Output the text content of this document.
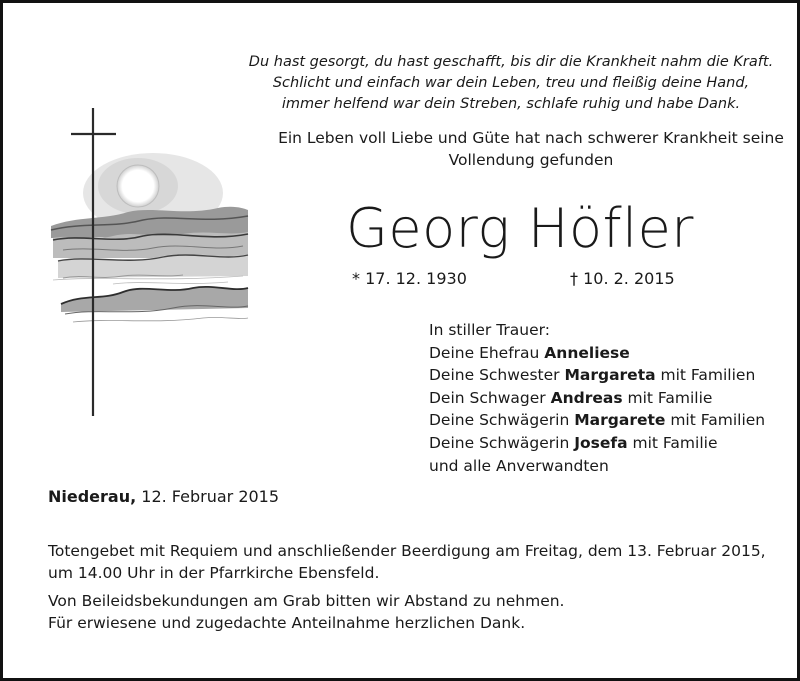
Du hast gesorgt, du hast geschafft, bis dir die Krankheit nahm die Kraft.
Schlicht und einfach war dein Leben, treu und fleißig deine Hand,
immer helfend war dein Streben, schlafe ruhig und habe Dank.
Ein Leben voll Liebe und Güte hat nach schwerer Krankheit seine
Vollendung gefunden
Georg Höfler
* 17. 12. 1930	† 10. 2. 2015
In stiller Trauer:
Deine Ehefrau Anneliese
Deine Schwester Margareta mit Familien
Dein Schwager Andreas mit Familie
Deine Schwägerin Margarete mit Familien
Deine Schwägerin Josefa mit Familie
und alle Anverwandten
Niederau, 12. Februar 2015
Totengebet mit Requiem und anschließender Beerdigung am Freitag, dem 13. Februar 2015,
um 14.00 Uhr in der Pfarrkirche Ebensfeld.
Von Beileidsbekundungen am Grab bitten wir Abstand zu nehmen.
Für erwiesene und zugedachte Anteilnahme herzlichen Dank.
